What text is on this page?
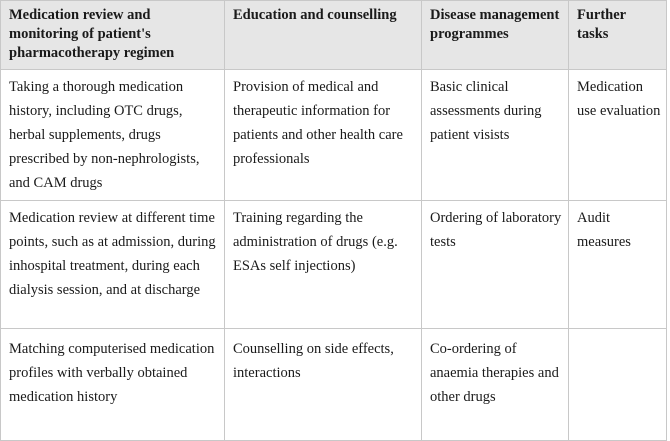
Medication review and monitoring of patient's pharmacotherapy regimen	Education and counselling	Disease management programmes	Further tasks
Taking a thorough medication history, including OTC drugs, herbal supplements, drugs prescribed by non-nephrologists, and CAM drugs	Provision of medical and therapeutic information for patients and other health care professionals	Basic clinical assessments during patient visists	Medication use evaluation
Medication review at different time points, such as at admission, during inhospital treatment, during each dialysis session, and at discharge	Training regarding the administration of drugs (e.g. ESAs self injections)	Ordering of laboratory tests	Audit measures
Matching computerised medication profiles with verbally obtained medication history	Counselling on side effects, interactions	Co-ordering of anaemia therapies and other drugs	
